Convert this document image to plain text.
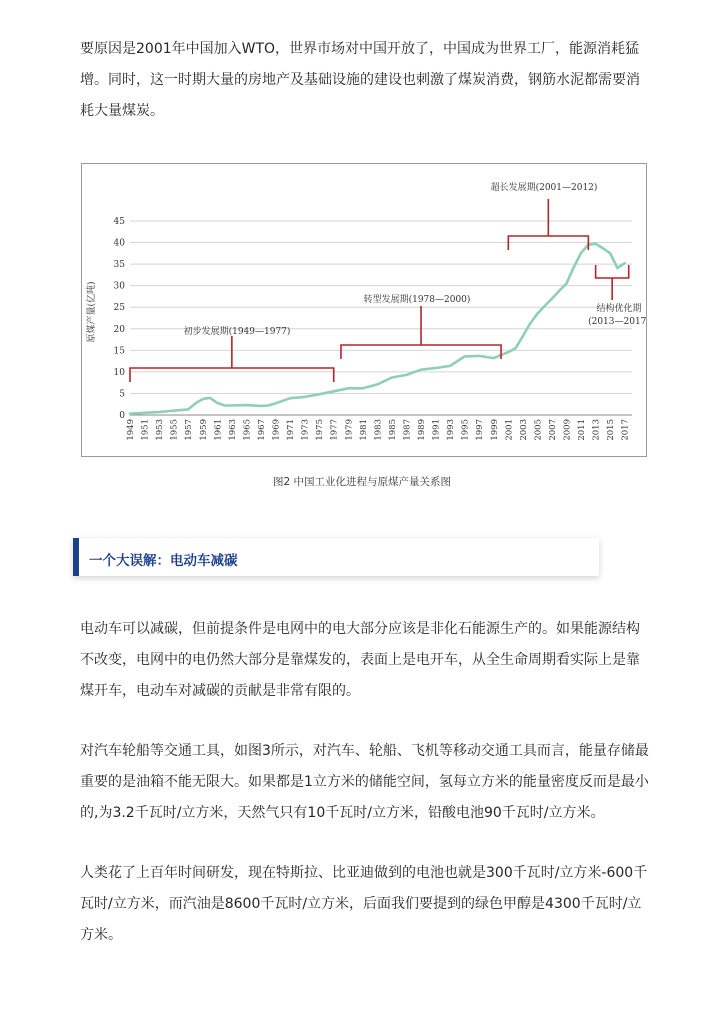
要原因是2001年中国加入WTO，世界市场对中国开放了，中国成为世界工厂，能源消耗猛增。同时，这一时期大量的房地产及基础设施的建设也刺激了煤炭消费，钢筋水泥都需要消耗大量煤炭。

0
5
10
15
20
25
30
35
40
45
1949 1951 1953 1955 1957 1959 1961 1963 1965 1967 1969 1971 1973 1975 1977 1979 1981 1983 1985 1987 1989 1991 1993 1995 1997 1999 2001 2003 2005 2007 2009 2011 2013 2015 2017
原煤产量(亿吨)	初步发展期(1949—1977)
转型发展期(1978—2000)
超长发展期(2001—2012)
结构优化期
(2013—2017)
图2 中国工业化进程与原煤产量关系图
一个大误解：电动车减碳

电动车可以减碳，但前提条件是电网中的电大部分应该是非化石能源生产的。如果能源结构不改变，电网中的电仍然大部分是靠煤发的，表面上是电开车，从全生命周期看实际上是靠煤开车，电动车对减碳的贡献是非常有限的。

对汽车轮船等交通工具，如图3所示，对汽车、轮船、飞机等移动交通工具而言，能量存储最重要的是油箱不能无限大。如果都是1立方米的储能空间，氢每立方米的能量密度反而是最小的,为3.2千瓦时/立方米，天然气只有10千瓦时/立方米，铅酸电池90千瓦时/立方米。

人类花了上百年时间研发，现在特斯拉、比亚迪做到的电池也就是300千瓦时/立方米-600千瓦时/立方米，而汽油是8600千瓦时/立方米，后面我们要提到的绿色甲醇是4300千瓦时/立方米。
